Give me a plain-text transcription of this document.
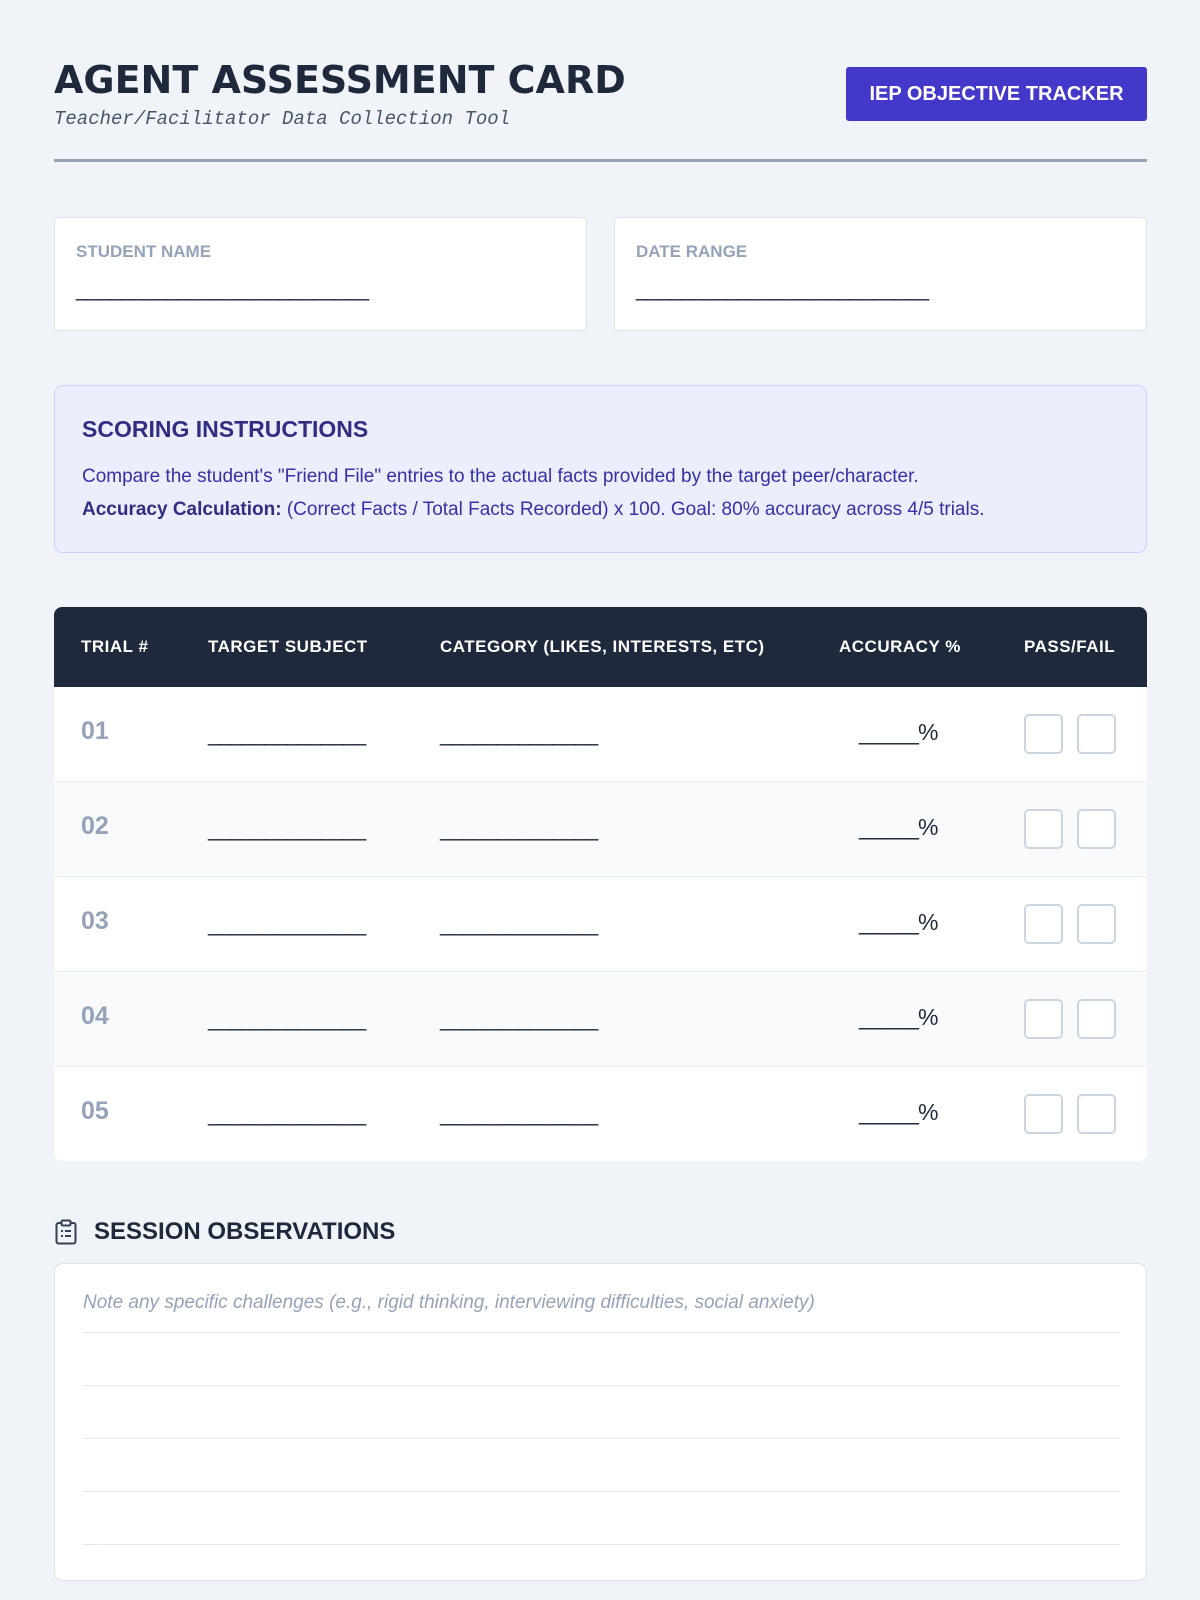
AGENT ASSESSMENT CARD
Teacher/Facilitator Data Collection Tool
IEP OBJECTIVE TRACKER
STUDENT NAME
__________________________
DATE RANGE
__________________________
SCORING INSTRUCTIONS
Compare the student's "Friend File" entries to the actual facts provided by the target peer/character.
Accuracy Calculation: (Correct Facts / Total Facts Recorded) x 100. Goal: 80% accuracy across 4/5 trials.
TRIAL #	TARGET SUBJECT	CATEGORY (LIKES, INTERESTS, ETC)	ACCURACY %	PASS/FAIL
01	______________	______________	_____%
02	______________	______________	_____%
03	______________	______________	_____%
04	______________	______________	_____%
05	______________	______________	_____%
SESSION OBSERVATIONS
Note any specific challenges (e.g., rigid thinking, interviewing difficulties, social anxiety)
